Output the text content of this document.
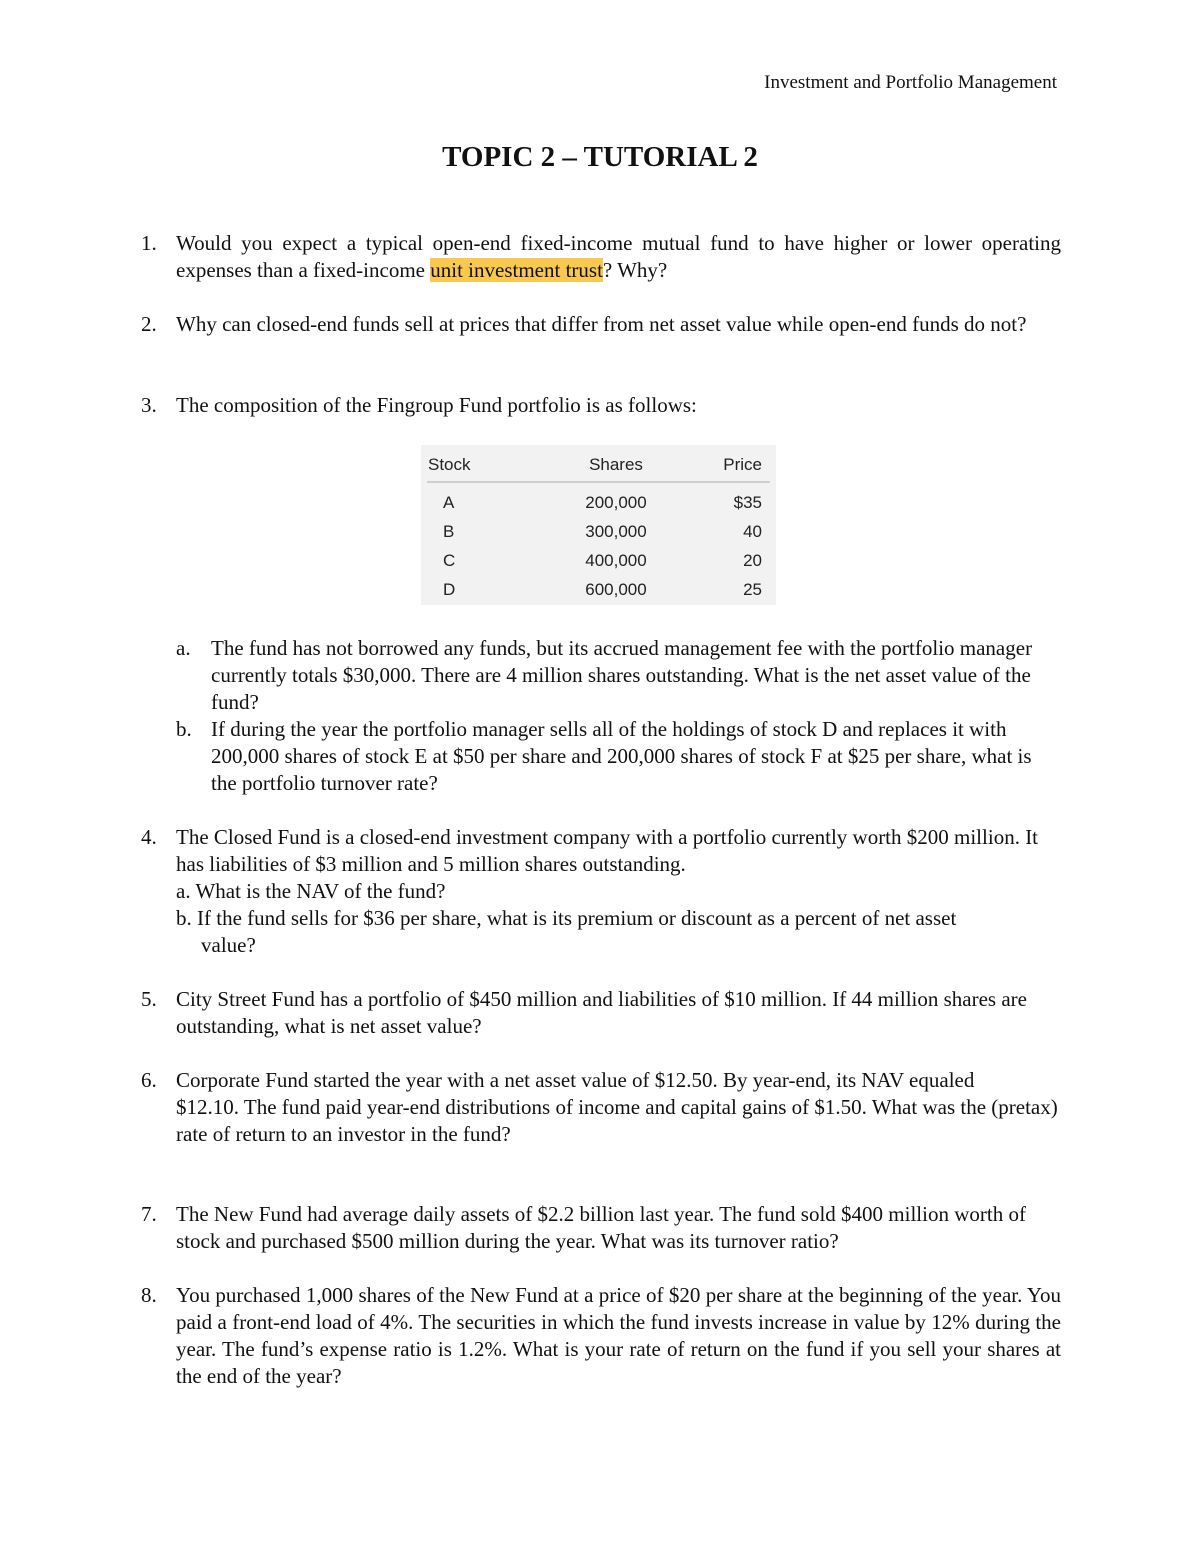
Investment and Portfolio Management
TOPIC 2 – TUTORIAL 2
1. Would you expect a typical open-end fixed-income mutual fund to have higher or lower operating expenses than a fixed-income unit investment trust? Why?
2. Why can closed-end funds sell at prices that differ from net asset value while open-end funds do not?
3. The composition of the Fingroup Fund portfolio is as follows:
Stock	Shares	Price
A	200,000	$35
B	300,000	40
C	400,000	20
D	600,000	25
a. The fund has not borrowed any funds, but its accrued management fee with the portfolio manager currently totals $30,000. There are 4 million shares outstanding. What is the net asset value of the fund?
b. If during the year the portfolio manager sells all of the holdings of stock D and replaces it with 200,000 shares of stock E at $50 per share and 200,000 shares of stock F at $25 per share, what is the portfolio turnover rate?
4. The Closed Fund is a closed-end investment company with a portfolio currently worth $200 million. It has liabilities of $3 million and 5 million shares outstanding.
a. What is the NAV of the fund?
b. If the fund sells for $36 per share, what is its premium or discount as a percent of net asset
value?
5. City Street Fund has a portfolio of $450 million and liabilities of $10 million. If 44 million shares are outstanding, what is net asset value?
6. Corporate Fund started the year with a net asset value of $12.50. By year-end, its NAV equaled
$12.10. The fund paid year-end distributions of income and capital gains of $1.50. What was the (pretax) rate of return to an investor in the fund?
7. The New Fund had average daily assets of $2.2 billion last year. The fund sold $400 million worth of stock and purchased $500 million during the year. What was its turnover ratio?
8. You purchased 1,000 shares of the New Fund at a price of $20 per share at the beginning of the year. You paid a front-end load of 4%. The securities in which the fund invests increase in value by 12% during the year. The fund’s expense ratio is 1.2%. What is your rate of return on the fund if you sell your shares at the end of the year?
